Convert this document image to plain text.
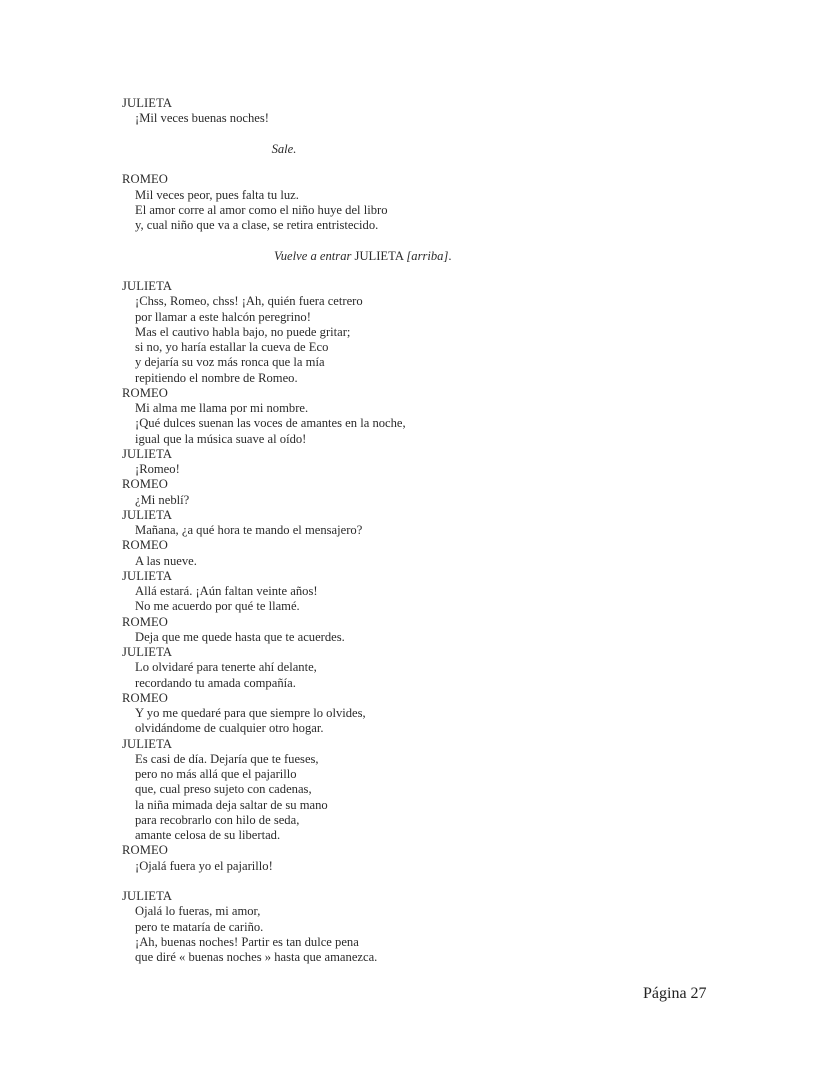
JULIETA
¡Mil veces buenas noches!
Sale.
ROMEO
Mil veces peor, pues falta tu luz.
El amor corre al amor como el niño huye del libro
y, cual niño que va a clase, se retira entristecido.
Vuelve a entrar JULIETA [arriba].
JULIETA
¡Chss, Romeo, chss! ¡Ah, quién fuera cetrero
por llamar a este halcón peregrino!
Mas el cautivo habla bajo, no puede gritar;
si no, yo haría estallar la cueva de Eco
y dejaría su voz más ronca que la mía
repitiendo el nombre de Romeo.
ROMEO
Mi alma me llama por mi nombre.
¡Qué dulces suenan las voces de amantes en la noche,
igual que la música suave al oído!
JULIETA
¡Romeo!
ROMEO
¿Mi neblí?
JULIETA
Mañana, ¿a qué hora te mando el mensajero?
ROMEO
A las nueve.
JULIETA
Allá estará. ¡Aún faltan veinte años!
No me acuerdo por qué te llamé.
ROMEO
Deja que me quede hasta que te acuerdes.
JULIETA
Lo olvidaré para tenerte ahí delante,
recordando tu amada compañía.
ROMEO
Y yo me quedaré para que siempre lo olvides,
olvidándome de cualquier otro hogar.
JULIETA
Es casi de día. Dejaría que te fueses,
pero no más allá que el pajarillo
que, cual preso sujeto con cadenas,
la niña mimada deja saltar de su mano
para recobrarlo con hilo de seda,
amante celosa de su libertad.
ROMEO
¡Ojalá fuera yo el pajarillo!
JULIETA
Ojalá lo fueras, mi amor,
pero te mataría de cariño.
¡Ah, buenas noches! Partir es tan dulce pena
que diré « buenas noches » hasta que amanezca.
Página 27
